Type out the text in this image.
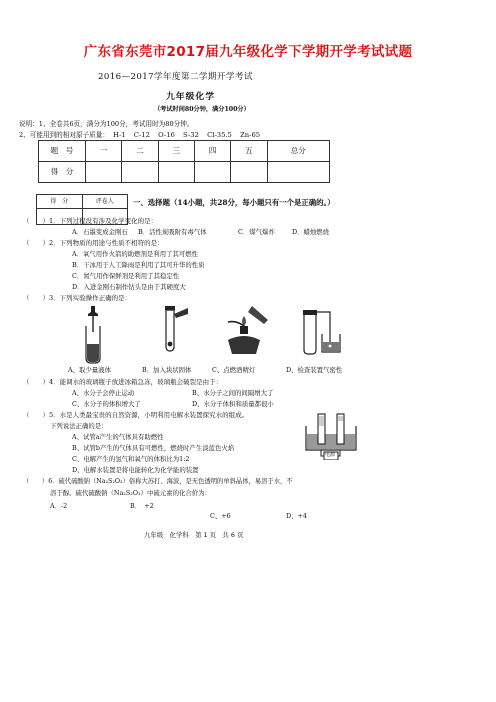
广东省东莞市2017届九年级化学下学期开学考试试题
2016—2017学年度第二学期开学考试
九年级化学
（考试时间80分钟，满分100分）
说明：1、全卷共6页，满分为100分，考试用时为80分钟。
2、可能用到的相对原子质量： H-1 C-12 O-16 S-32 Cl-35.5 Zn-65
题　号	一	二	三	四	五	总分
得　分						
得　分	评卷人
		一、选择题（14小题，共28分，每小题只有一个是正确的。）
（　　）1．下列过程没有涉及化学变化的是：
A．石墨变成金刚石 B．活性炭吸附有毒气体	C．煤气爆炸	D．蜡烛燃烧
（　　）2．下列物质的用途与性质不相符的是：
A．氧气用作火箭的助燃剂是利用了其可燃性
B．干冰用于人工降雨是利用了其可升华的性质
C．氮气用作保鲜剂是利用了其稳定性
D．入进金刚石制作钻头是由于其硬度大
（　　）3．下列实验操作正确的是：
A、取少量液体	B．加入块状固体	C、点燃酒精灯	D、检查装置气密性
（　　）4．能调水的玻璃瓶子放进冰箱急冻，玻璃瓶会破裂是由于：
A、水分子会停止运动	B、水分子之间的间隔增大了
C、水分子的体积增大了	D、水分子体积和质量都很小
（　　）5．水是人类最宝贵的自然资源，小明利用电解水装置探究水的组成。
下列说法正确的是：
A、试管a产生的气体具有助燃性
B、试管b产生的气体具有可燃性，燃烧时产生淡蓝色火焰
C、电解产生的氢气和氧气的体积比为1:2
D、电解水装置是将电能转化为化学能的装置
电源
（　　）6．硫代硫酸钠（Na₂S₂O₃）俗称大苏打、海波，是无色透明的单斜晶体，易溶于水，不
溶于醇。硫代硫酸钠（Na₂S₂O₃）中硫元素的化合价为：
A．-2	B．　+2
C、+6	D、+4
九年级　化学科　第 1 页　共 6 页
